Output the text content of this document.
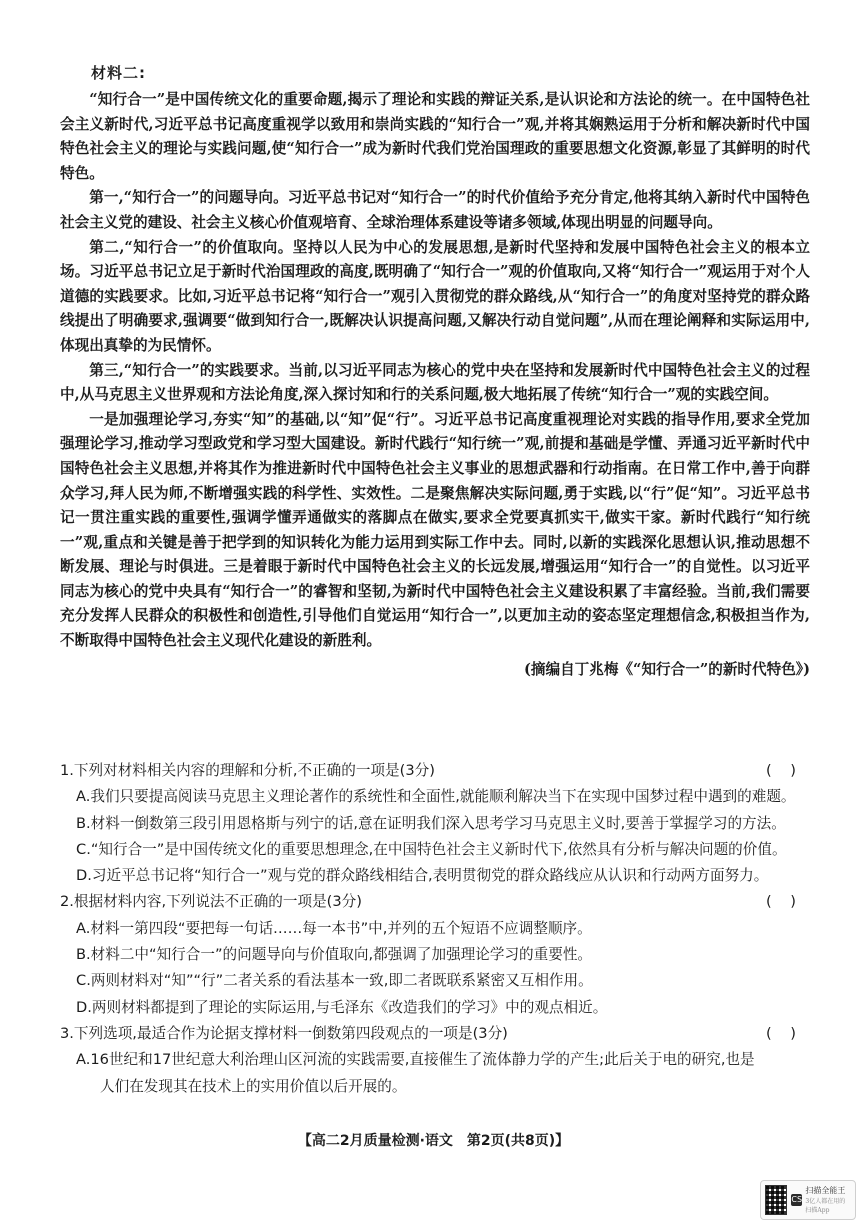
材料二:

“知行合一”是中国传统文化的重要命题,揭示了理论和实践的辩证关系,是认识论和方法论的统一。在中国特色社会主义新时代,习近平总书记高度重视学以致用和崇尚实践的“知行合一”观,并将其娴熟运用于分析和解决新时代中国特色社会主义的理论与实践问题,使“知行合一”成为新时代我们党治国理政的重要思想文化资源,彰显了其鲜明的时代特色。

第一,“知行合一”的问题导向。习近平总书记对“知行合一”的时代价值给予充分肯定,他将其纳入新时代中国特色社会主义党的建设、社会主义核心价值观培育、全球治理体系建设等诸多领域,体现出明显的问题导向。

第二,“知行合一”的价值取向。坚持以人民为中心的发展思想,是新时代坚持和发展中国特色社会主义的根本立场。习近平总书记立足于新时代治国理政的高度,既明确了“知行合一”观的价值取向,又将“知行合一”观运用于对个人道德的实践要求。比如,习近平总书记将“知行合一”观引入贯彻党的群众路线,从“知行合一”的角度对坚持党的群众路线提出了明确要求,强调要“做到知行合一,既解决认识提高问题,又解决行动自觉问题”,从而在理论阐释和实际运用中,体现出真挚的为民情怀。

第三,“知行合一”的实践要求。当前,以习近平同志为核心的党中央在坚持和发展新时代中国特色社会主义的过程中,从马克思主义世界观和方法论角度,深入探讨知和行的关系问题,极大地拓展了传统“知行合一”观的实践空间。

一是加强理论学习,夯实“知”的基础,以“知”促“行”。习近平总书记高度重视理论对实践的指导作用,要求全党加强理论学习,推动学习型政党和学习型大国建设。新时代践行“知行统一”观,前提和基础是学懂、弄通习近平新时代中国特色社会主义思想,并将其作为推进新时代中国特色社会主义事业的思想武器和行动指南。在日常工作中,善于向群众学习,拜人民为师,不断增强实践的科学性、实效性。二是聚焦解决实际问题,勇于实践,以“行”促“知”。习近平总书记一贯注重实践的重要性,强调学懂弄通做实的落脚点在做实,要求全党要真抓实干,做实干家。新时代践行“知行统一”观,重点和关键是善于把学到的知识转化为能力运用到实际工作中去。同时,以新的实践深化思想认识,推动思想不断发展、理论与时俱进。三是着眼于新时代中国特色社会主义的长远发展,增强运用“知行合一”的自觉性。以习近平同志为核心的党中央具有“知行合一”的睿智和坚韧,为新时代中国特色社会主义建设积累了丰富经验。当前,我们需要充分发挥人民群众的积极性和创造性,引导他们自觉运用“知行合一”,以更加主动的姿态坚定理想信念,积极担当作为,不断取得中国特色社会主义现代化建设的新胜利。

(摘编自丁兆梅《“知行合一”的新时代特色》)
1.下列对材料相关内容的理解和分析,不正确的一项是(3分)	(    )
A.我们只要提高阅读马克思主义理论著作的系统性和全面性,就能顺利解决当下在实现中国梦过程中遇到的难题。
B.材料一倒数第三段引用恩格斯与列宁的话,意在证明我们深入思考学习马克思主义时,要善于掌握学习的方法。
C.“知行合一”是中国传统文化的重要思想理念,在中国特色社会主义新时代下,依然具有分析与解决问题的价值。
D.习近平总书记将“知行合一”观与党的群众路线相结合,表明贯彻党的群众路线应从认识和行动两方面努力。
2.根据材料内容,下列说法不正确的一项是(3分)	(    )
A.材料一第四段“要把每一句话……每一本书”中,并列的五个短语不应调整顺序。
B.材料二中“知行合一”的问题导向与价值取向,都强调了加强理论学习的重要性。
C.两则材料对“知”“行”二者关系的看法基本一致,即二者既联系紧密又互相作用。
D.两则材料都提到了理论的实际运用,与毛泽东《改造我们的学习》中的观点相近。
3.下列选项,最适合作为论据支撑材料一倒数第四段观点的一项是(3分)	(    )
A.16世纪和17世纪意大利治理山区河流的实践需要,直接催生了流体静力学的产生;此后关于电的研究,也是
人们在发现其在技术上的实用价值以后开展的。
【高二2月质量检测·语文　第2页(共8页)】
CS
扫描全能王
3亿人都在用的扫描App
